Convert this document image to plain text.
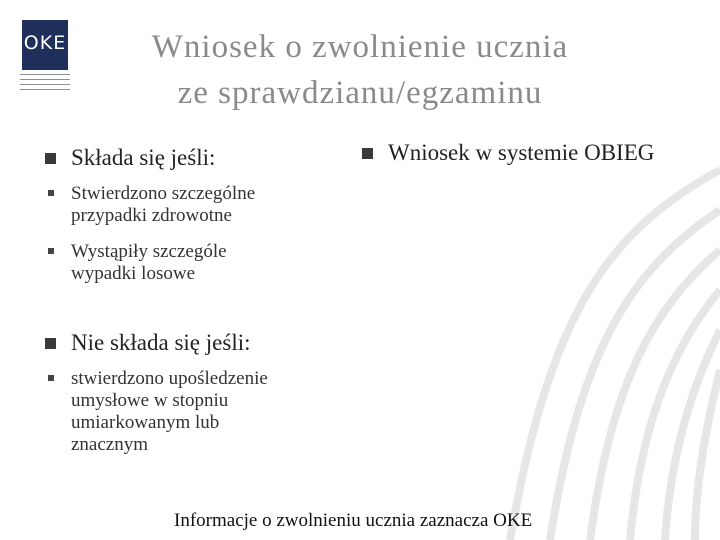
OKE	Wniosek o zwolnienie ucznia
ze sprawdzianu/egzaminu
Składa się jeśli:
Stwierdzono szczególne
przypadki zdrowotne
Wystąpiły szczególe
wypadki losowe
Nie składa się jeśli:
stwierdzono upośledzenie
umysłowe w stopniu
umiarkowanym lub
znacznym
Wniosek w systemie OBIEG
Informacje o zwolnieniu ucznia zaznacza OKE
